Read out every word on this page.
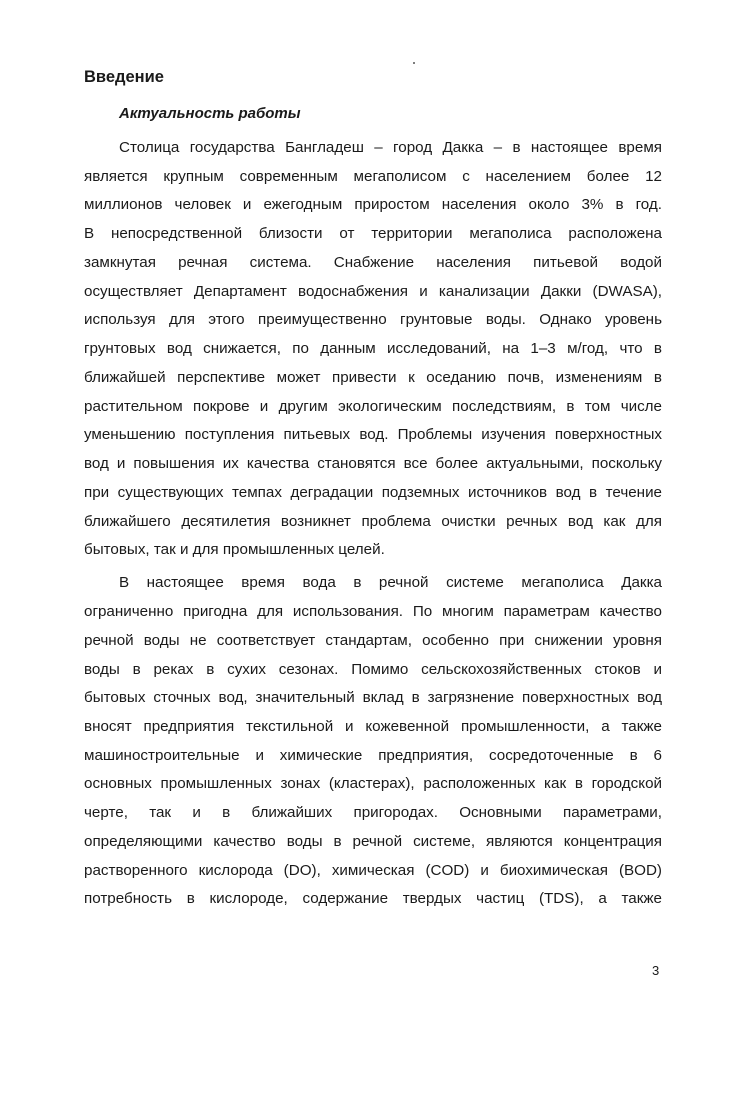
Введение
Актуальность работы
Столица государства Бангладеш – город Дакка – в настоящее время
является крупным современным мегаполисом с населением более 12
миллионов человек и ежегодным приростом населения около 3% в год.
В непосредственной близости от территории мегаполиса расположена
замкнутая речная система. Снабжение населения питьевой водой
осуществляет Департамент водоснабжения и канализации Дакки (DWASA),
используя для этого преимущественно грунтовые воды. Однако уровень
грунтовых вод снижается, по данным исследований, на 1–3 м/год, что в
ближайшей перспективе может привести к оседанию почв, изменениям в
растительном покрове и другим экологическим последствиям, в том числе
уменьшению поступления питьевых вод. Проблемы изучения поверхностных
вод и повышения их качества становятся все более актуальными, поскольку
при существующих темпах деградации подземных источников вод в течение
ближайшего десятилетия возникнет проблема очистки речных вод как для
бытовых, так и для промышленных целей.
В настоящее время вода в речной системе мегаполиса Дакка
ограниченно пригодна для использования. По многим параметрам качество
речной воды не соответствует стандартам, особенно при снижении уровня
воды в реках в сухих сезонах. Помимо сельскохозяйственных стоков и
бытовых сточных вод, значительный вклад в загрязнение поверхностных вод
вносят предприятия текстильной и кожевенной промышленности, а также
машиностроительные и химические предприятия, сосредоточенные в 6
основных промышленных зонах (кластерах), расположенных как в городской
черте, так и в ближайших пригородах. Основными параметрами,
определяющими качество воды в речной системе, являются концентрация
растворенного кислорода (DO), химическая (COD) и биохимическая (BOD)
потребность в кислороде, содержание твердых частиц (TDS), а также
3
